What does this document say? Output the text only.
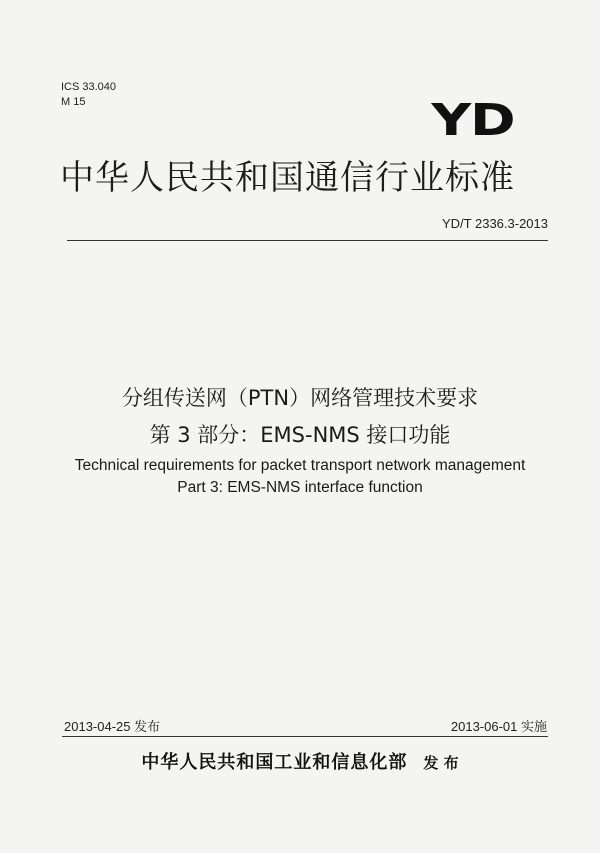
ICS 33.040
M 15	YD
中华人民共和国通信行业标准
YD/T 2336.3-2013
分组传送网（PTN）网络管理技术要求
第 3 部分：EMS-NMS 接口功能
Technical requirements for packet transport network management
Part 3: EMS-NMS interface function
2013-04-25 发布	2013-06-01 实施
中华人民共和国工业和信息化部 发 布
